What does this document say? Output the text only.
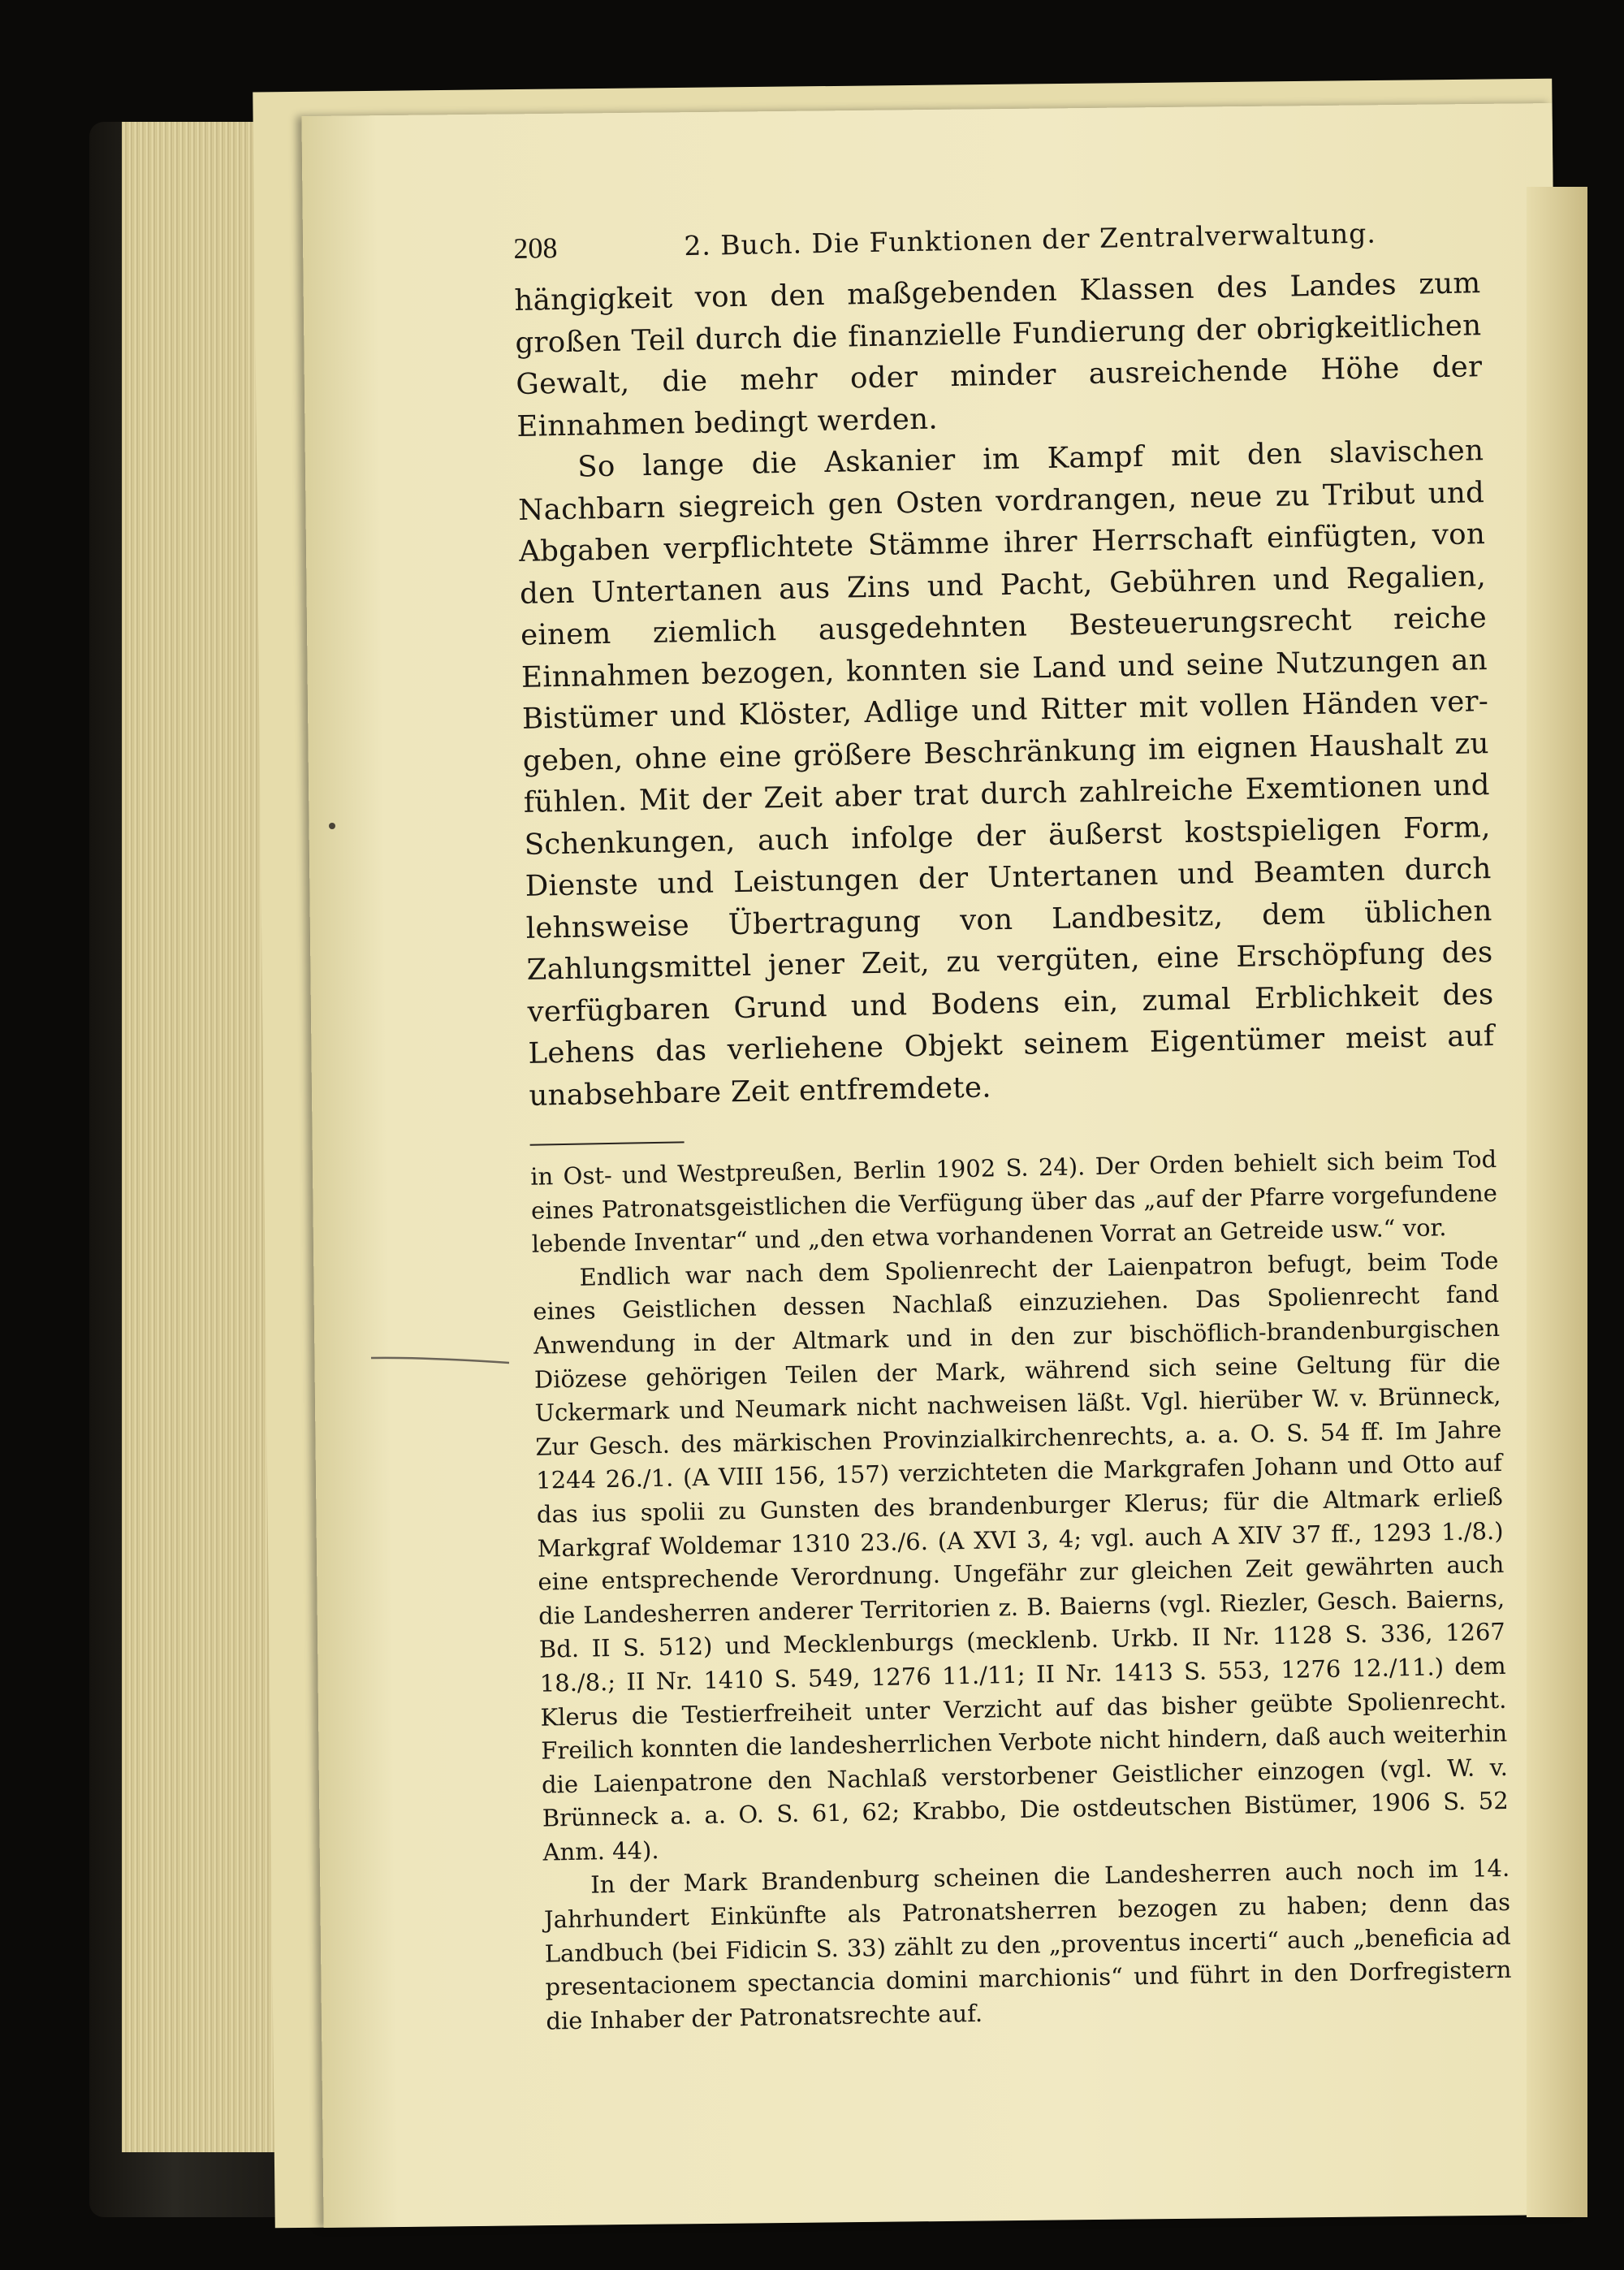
208	2. Buch. Die Funktionen der Zentralverwaltung.

hängigkeit von den maßgebenden Klassen des Landes zum großen Teil durch die finanzielle Fundierung der obrigkeitlichen Gewalt, die mehr oder minder ausreichende Höhe der Einnahmen bedingt werden.

So lange die Askanier im Kampf mit den slavischen Nachbarn siegreich gen Osten vordrangen, neue zu Tribut und Abgaben verpflichtete Stämme ihrer Herrschaft einfügten, von den Untertanen aus Zins und Pacht, Gebühren und Regalien, einem ziemlich ausgedehnten Besteuerungsrecht reiche Einnahmen bezogen, konnten sie Land und seine Nutzungen an Bistümer und Klöster, Adlige und Ritter mit vollen Händen vergeben, ohne eine größere Beschränkung im eignen Haushalt zu fühlen. Mit der Zeit aber trat durch zahlreiche Exemtionen und Schenkungen, auch infolge der äußerst kostspieligen Form, Dienste und Leistungen der Untertanen und Beamten durch lehnsweise Übertragung von Landbesitz, dem üblichen Zahlungsmittel jener Zeit, zu vergüten, eine Erschöpfung des verfügbaren Grund und Bodens ein, zumal Erblichkeit des Lehens das verliehene Objekt seinem Eigentümer meist auf unabsehbare Zeit entfremdete.

in Ost- und Westpreußen, Berlin 1902 S. 24). Der Orden behielt sich beim Tod eines Patronatsgeistlichen die Verfügung über das „auf der Pfarre vorgefundene lebende Inventar“ und „den etwa vorhandenen Vorrat an Getreide usw.“ vor.

Endlich war nach dem Spolienrecht der Laienpatron befugt, beim Tode eines Geistlichen dessen Nachlaß einzuziehen. Das Spolienrecht fand Anwendung in der Altmark und in den zur bischöflich-brandenburgischen Diözese gehörigen Teilen der Mark, während sich seine Geltung für die Uckermark und Neumark nicht nachweisen läßt. Vgl. hierüber W. v. Brünneck, Zur Gesch. des märkischen Provinzialkirchenrechts, a. a. O. S. 54 ff. Im Jahre 1244 26./1. (A VIII 156, 157) verzichteten die Markgrafen Johann und Otto auf das ius spolii zu Gunsten des brandenburger Klerus; für die Altmark erließ Markgraf Woldemar 1310 23./6. (A XVI 3, 4; vgl. auch A XIV 37 ff., 1293 1./8.) eine entsprechende Verordnung. Ungefähr zur gleichen Zeit gewährten auch die Landesherren anderer Territorien z. B. Baierns (vgl. Riezler, Gesch. Baierns, Bd. II S. 512) und Mecklenburgs (mecklenb. Urkb. II Nr. 1128 S. 336, 1267 18./8.; II Nr. 1410 S. 549, 1276 11./11; II Nr. 1413 S. 553, 1276 12./11.) dem Klerus die Testierfreiheit unter Verzicht auf das bisher geübte Spolienrecht. Freilich konnten die landesherrlichen Verbote nicht hindern, daß auch weiterhin die Laienpatrone den Nachlaß verstorbener Geistlicher einzogen (vgl. W. v. Brünneck a. a. O. S. 61, 62; Krabbo, Die ostdeutschen Bistümer, 1906 S. 52 Anm. 44).

In der Mark Brandenburg scheinen die Landesherren auch noch im 14. Jahrhundert Einkünfte als Patronatsherren bezogen zu haben; denn das Landbuch (bei Fidicin S. 33) zählt zu den „proventus incerti“ auch „beneficia ad presentacionem spectancia domini marchionis“ und führt in den Dorfregistern die Inhaber der Patronatsrechte auf.
